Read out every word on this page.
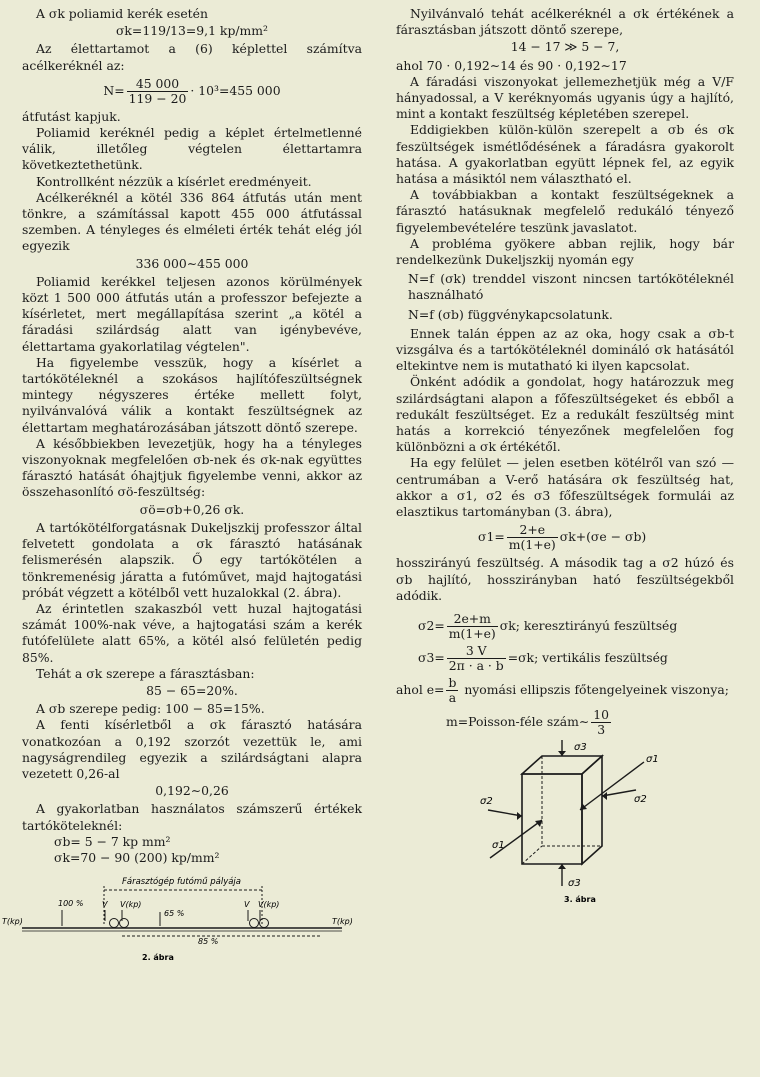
A σk poliamid kerék esetén

σk=119/13=9,1 kp/mm²

Az élettartamot a (6) képlettel számítva acélkeréknél az:

$N= \frac{45 000}{119 - 20} \cdot 10^3=455$ 000

átfutást kapjuk.

Poliamid keréknél pedig a képlet értelmetlenné válik, illetőleg végtelen élettartamra következtethetünk.

Kontrollként nézzük a kísérlet eredményeit.

Acélkeréknél a kötél 336 864 átfutás után ment tönkre, a számítással kapott 455 000 átfutással szemben. A tényleges és elméleti érték tehát elég jól egyezik

336 000∼455 000

Poliamid kerékkel teljesen azonos körülmények közt 1 500 000 átfutás után a professzor befejezte a kísérletet, mert megállapítása szerint „a kötél a fáradási szilárdság alatt van igénybevéve, élettartama gyakorlatilag végtelen".

Ha figyelembe vesszük, hogy a kísérlet a tartókötéleknél a szokásos hajlítófeszültségnek mintegy négyszeres értéke mellett folyt, nyilvánvalóvá válik a kontakt feszültségnek az élettartam meghatározásában játszott döntő szerepe.

A későbbiekben levezetjük, hogy ha a tényleges viszonyoknak megfelelően σb-nek és σk-nak együttes fárasztó hatását óhajtjuk figyelembe venni, akkor az összehasonlító σö-feszültség:

σö=σb+0,26 σk.

A tartókötélforgatásnak Dukeljszkij professzor által felvetett gondolata a σk fárasztó hatásának felismerésén alapszik. Ő egy tartókötélen a tönkremenésig járatta a futóművet, majd hajtogatási próbát végzett a kötélből vett huzalokkal (2. ábra).

Az érintetlen szakaszból vett huzal hajtogatási számát 100%-nak véve, a hajtogatási szám a kerék futófelülete alatt 65%, a kötél alsó felületén pedig 85%.

Tehát a σk szerepe a fárasztásban:

85 − 65=20%.

A σb szerepe pedig: 100 − 85=15%.

A fenti kísérletből a σk fárasztó hatására vonatkozóan a 0,192 szorzót vezettük le, ami nagyságrendileg egyezik a szilárdságtani alapra vezetett 0,26-al

0,192∼0,26

A gyakorlatban használatos számszerű értékek tartóköteleknél:

σb= 5 − 7 kp mm²

σk=70 − 90 (200) kp/mm²

Fárasztógép futómű pályája
100 % V V(kp)
65 %
V V(kp)
T(kp)	T(kp)
85 %
2. ábra

Nyilvánvaló tehát acélkeréknél a σk értékének a fárasztásban játszott döntő szerepe,

14 − 17 ≫ 5 − 7,

ahol 70 · 0,192∼14 és 90 · 0,192∼17

A fáradási viszonyokat jellemezhetjük még a V/F hányadossal, a V keréknyomás ugyanis úgy a hajlító, mint a kontakt feszültség képletében szerepel.

Eddigiekben külön-külön szerepelt a σb és σk feszültségek ismétlődésének a fáradásra gyakorolt hatása. A gyakorlatban együtt lépnek fel, az egyik hatása a másiktól nem választható el.

A továbbiakban a kontakt feszültségeknek a fárasztó hatásuknak megfelelő redukáló tényező figyelembevételére teszünk javaslatot.

A probléma gyökere abban rejlik, hogy bár rendelkezünk Dukeljszkij nyomán egy

N=f (σk) trenddel viszont nincsen tartókötéleknél használható

N=f (σb) függvénykapcsolatunk.

Ennek talán éppen az az oka, hogy csak a σb-t vizsgálva és a tartókötéleknél domináló σk hatásától eltekintve nem is mutatható ki ilyen kapcsolat.

Önként adódik a gondolat, hogy határozzuk meg szilárdságtani alapon a főfeszültségeket és ebből a redukált feszültséget. Ez a redukált feszültség mint hatás a korrekció tényezőnek megfelelően fog különbözni a σk értékétől.

Ha egy felület — jelen esetben kötélről van szó — centrumában a V-erő hatására σk feszültség hat, akkor a σ1, σ2 és σ3 főfeszültségek formulái az elasztikus tartományban (3. ábra),

$\sigma 1= \frac{2+e}{m(1+e)} \sigma k+(\sigma e - \sigma b)$

hosszirányú feszültség. A második tag a σ2 húzó és σb hajlító, hosszirányban ható feszültségekből adódik.

$\sigma 2= \frac{2e+m}{m(1+e)} \sigma k$; keresztirányú feszültség

$\sigma 3= \frac{3 V}{2\pi \cdot a \cdot b} =\sigma k$; vertikális feszültség

ahol $e= \frac{b}{a}$ nyomási ellipszis főtengelyeinek viszonya;

m=Poisson-féle szám∼ $\frac{10}{3}$

σ3
σ3
σ2	σ2
σ1
σ1
3. ábra
